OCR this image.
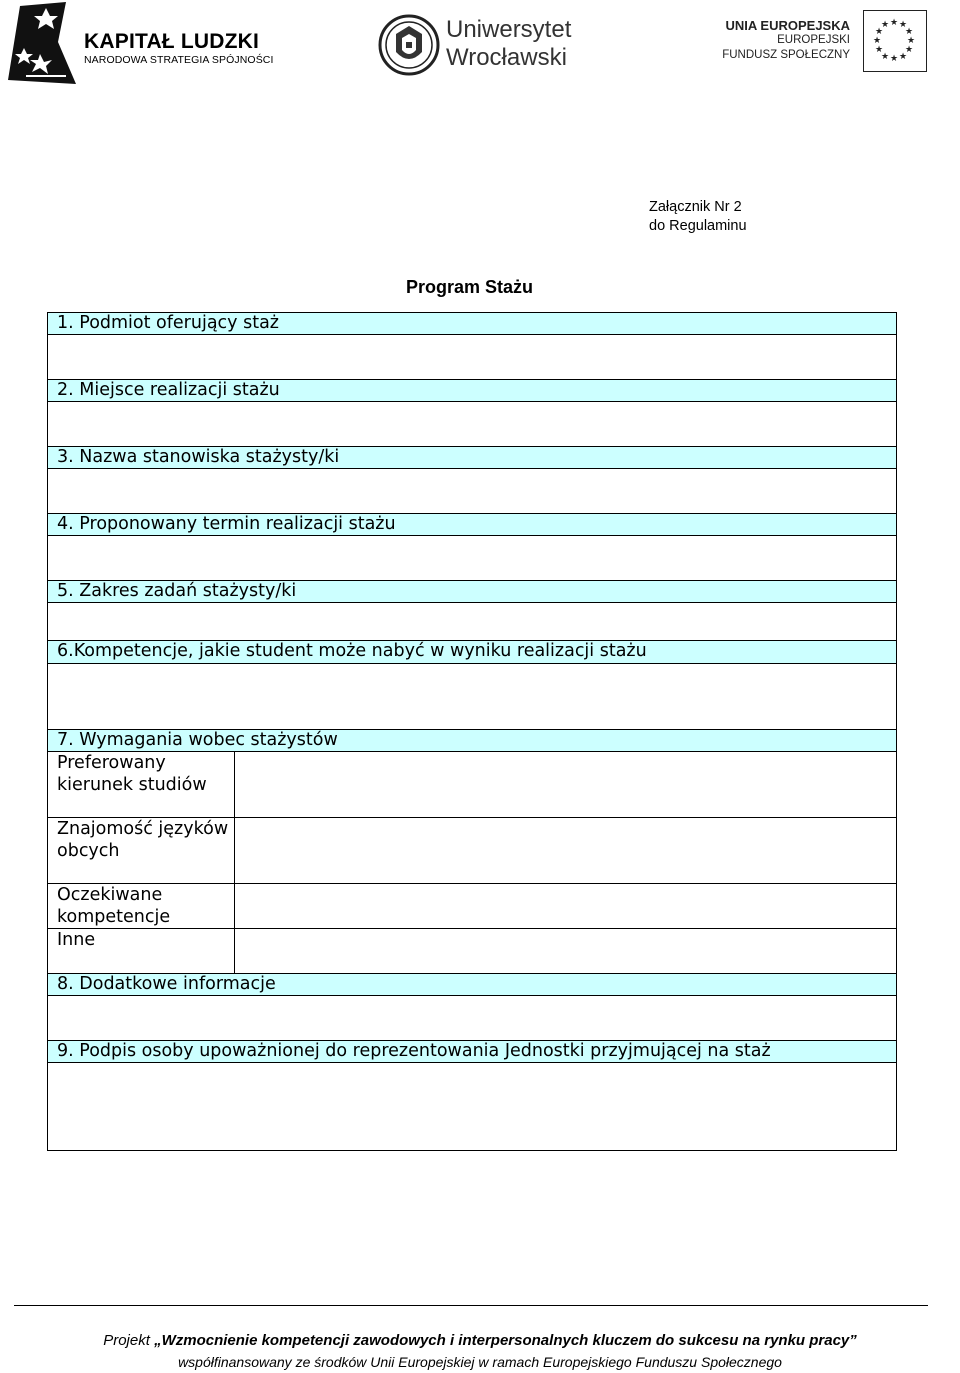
KAPITAŁ LUDZKI
NARODOWA STRATEGIA SPÓJNOŚCI
Uniwersytet
Wrocławski
UNIA EUROPEJSKA
EUROPEJSKI
FUNDUSZ SPOŁECZNY
★ ★
★
★
★
★
★
★
★
★
★
★
Załącznik Nr 2
do Regulaminu
Program Stażu
1. Podmiot oferujący staż
2. Miejsce realizacji stażu
3. Nazwa stanowiska stażysty/ki
4. Proponowany termin realizacji stażu
5. Zakres zadań stażysty/ki
6.Kompetencje, jakie student może nabyć w wyniku realizacji stażu
7. Wymagania wobec stażystów
Preferowany kierunek studiów
Znajomość języków obcych
Oczekiwane kompetencje
Inne
8. Dodatkowe informacje
9. Podpis osoby upoważnionej do reprezentowania Jednostki przyjmującej na staż
Projekt „Wzmocnienie kompetencji zawodowych i interpersonalnych kluczem do sukcesu na rynku pracy”
współfinansowany ze środków Unii Europejskiej w ramach Europejskiego Funduszu Społecznego
